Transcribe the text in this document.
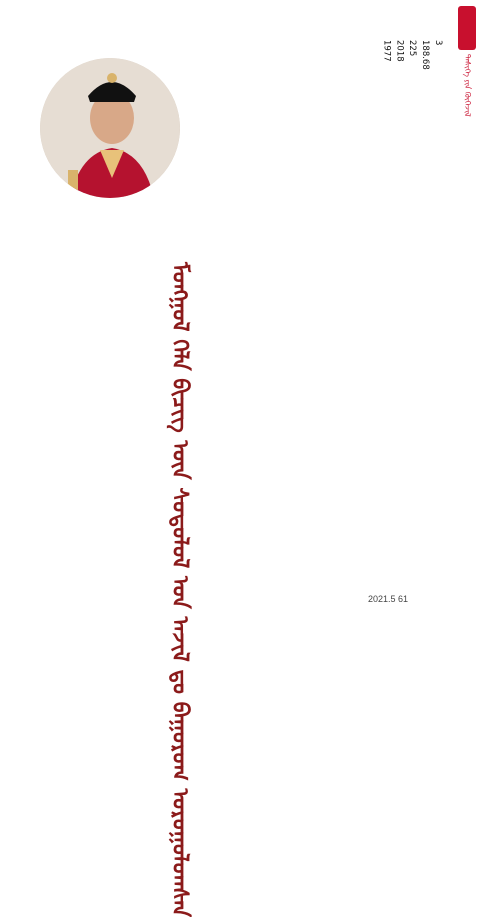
ᠲᠡᠰᠢᠭᠡ ᠶᠢᠨ ᠬᠥᠭᠡᠵᠢᠯ
ᠮᠣᠩᠭᠣᠯ ᠬᠡᠯᠡ ᠪᠢᠴᠢᠭ ᠦᠨ ᠰᠤᠳᠤᠯᠤᠯ ᠤᠨ ᠠᠵᠢᠯ ᠳᠤ ᠪᠠᠭᠤᠷᠤᠭ ᠣᠷᠣᠭᠤᠯᠤᠭᠰᠠᠨ
1977 2018 225 188.68 3
2021.5 61
